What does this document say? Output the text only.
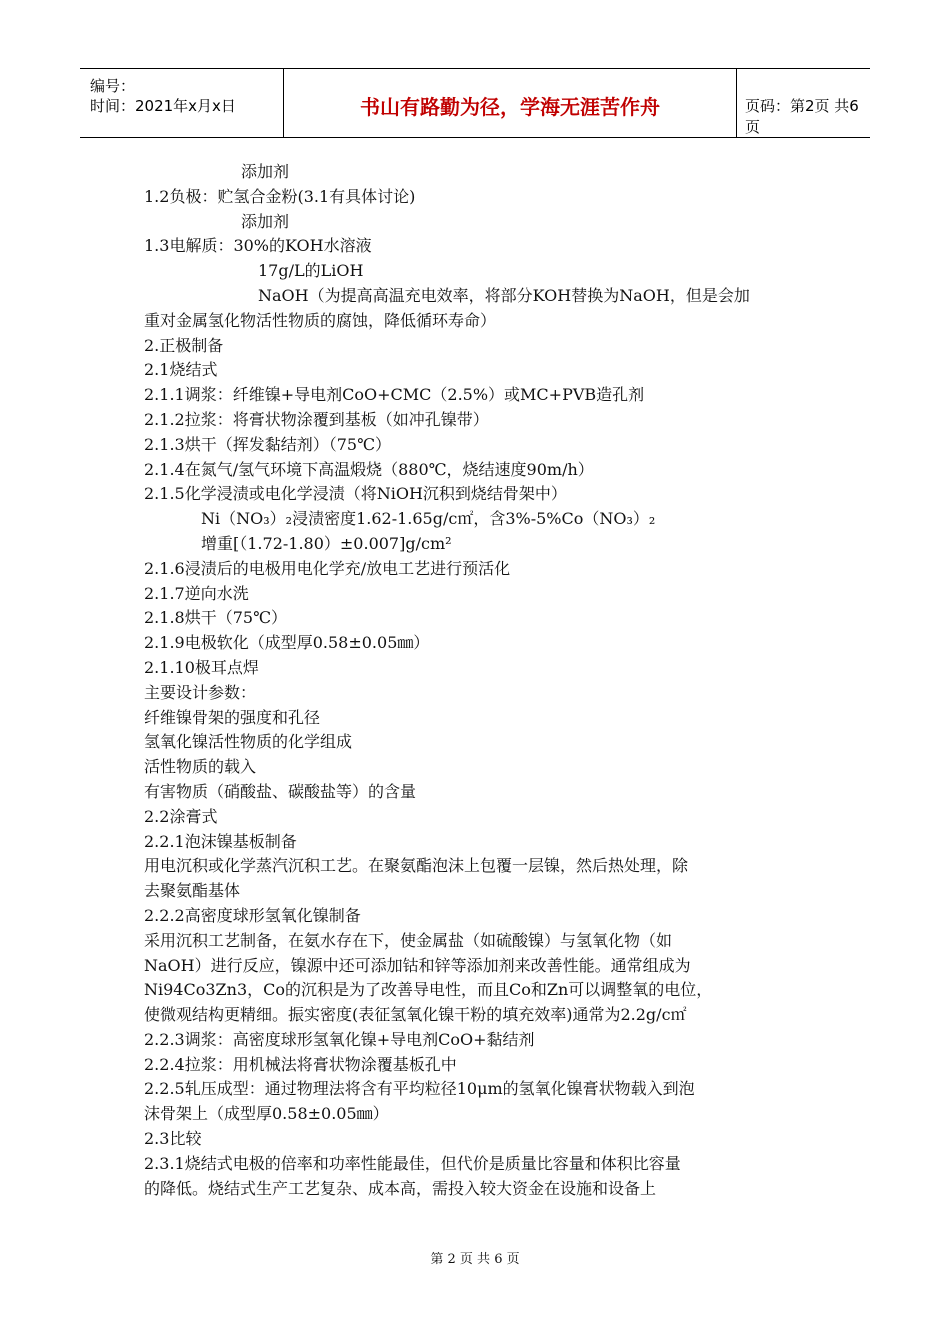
编号：
时间：2021年x月x日	书山有路勤为径，学海无涯苦作舟	页码：第2页 共6页
添加剂
1.2负极：贮氢合金粉(3.1有具体讨论)
添加剂
1.3电解质：30%的KOH水溶液
17g/L的LiOH
NaOH（为提高高温充电效率，将部分KOH替换为NaOH，但是会加
重对金属氢化物活性物质的腐蚀，降低循环寿命）
2.正极制备
2.1烧结式
2.1.1调浆：纤维镍+导电剂CoO+CMC（2.5%）或MC+PVB造孔剂
2.1.2拉浆：将膏状物涂覆到基板（如冲孔镍带）
2.1.3烘干（挥发黏结剂）（75℃）
2.1.4在氮气/氢气环境下高温煅烧（880℃，烧结速度90m/h）
2.1.5化学浸渍或电化学浸渍（将NiOH沉积到烧结骨架中）
Ni（NO₃）₂浸渍密度1.62-1.65g/c㎡，含3%-5%Co（NO₃）₂
增重[（1.72-1.80）±0.007]g/cm²
2.1.6浸渍后的电极用电化学充/放电工艺进行预活化
2.1.7逆向水洗
2.1.8烘干（75℃）
2.1.9电极软化（成型厚0.58±0.05㎜）
2.1.10极耳点焊
主要设计参数：
纤维镍骨架的强度和孔径
氢氧化镍活性物质的化学组成
活性物质的载入
有害物质（硝酸盐、碳酸盐等）的含量
2.2涂膏式
2.2.1泡沫镍基板制备
用电沉积或化学蒸汽沉积工艺。在聚氨酯泡沫上包覆一层镍，然后热处理，除
去聚氨酯基体
2.2.2高密度球形氢氧化镍制备
采用沉积工艺制备，在氨水存在下，使金属盐（如硫酸镍）与氢氧化物（如
NaOH）进行反应，镍源中还可添加钴和锌等添加剂来改善性能。通常组成为
Ni94Co3Zn3，Co的沉积是为了改善导电性，而且Co和Zn可以调整氧的电位，
使微观结构更精细。振实密度(表征氢氧化镍干粉的填充效率)通常为2.2g/c㎡
2.2.3调浆：高密度球形氢氧化镍+导电剂CoO+黏结剂
2.2.4拉浆：用机械法将膏状物涂覆基板孔中
2.2.5轧压成型：通过物理法将含有平均粒径10μm的氢氧化镍膏状物载入到泡
沫骨架上（成型厚0.58±0.05㎜）
2.3比较
2.3.1烧结式电极的倍率和功率性能最佳，但代价是质量比容量和体积比容量
的降低。烧结式生产工艺复杂、成本高，需投入较大资金在设施和设备上
第 2 页 共 6 页
